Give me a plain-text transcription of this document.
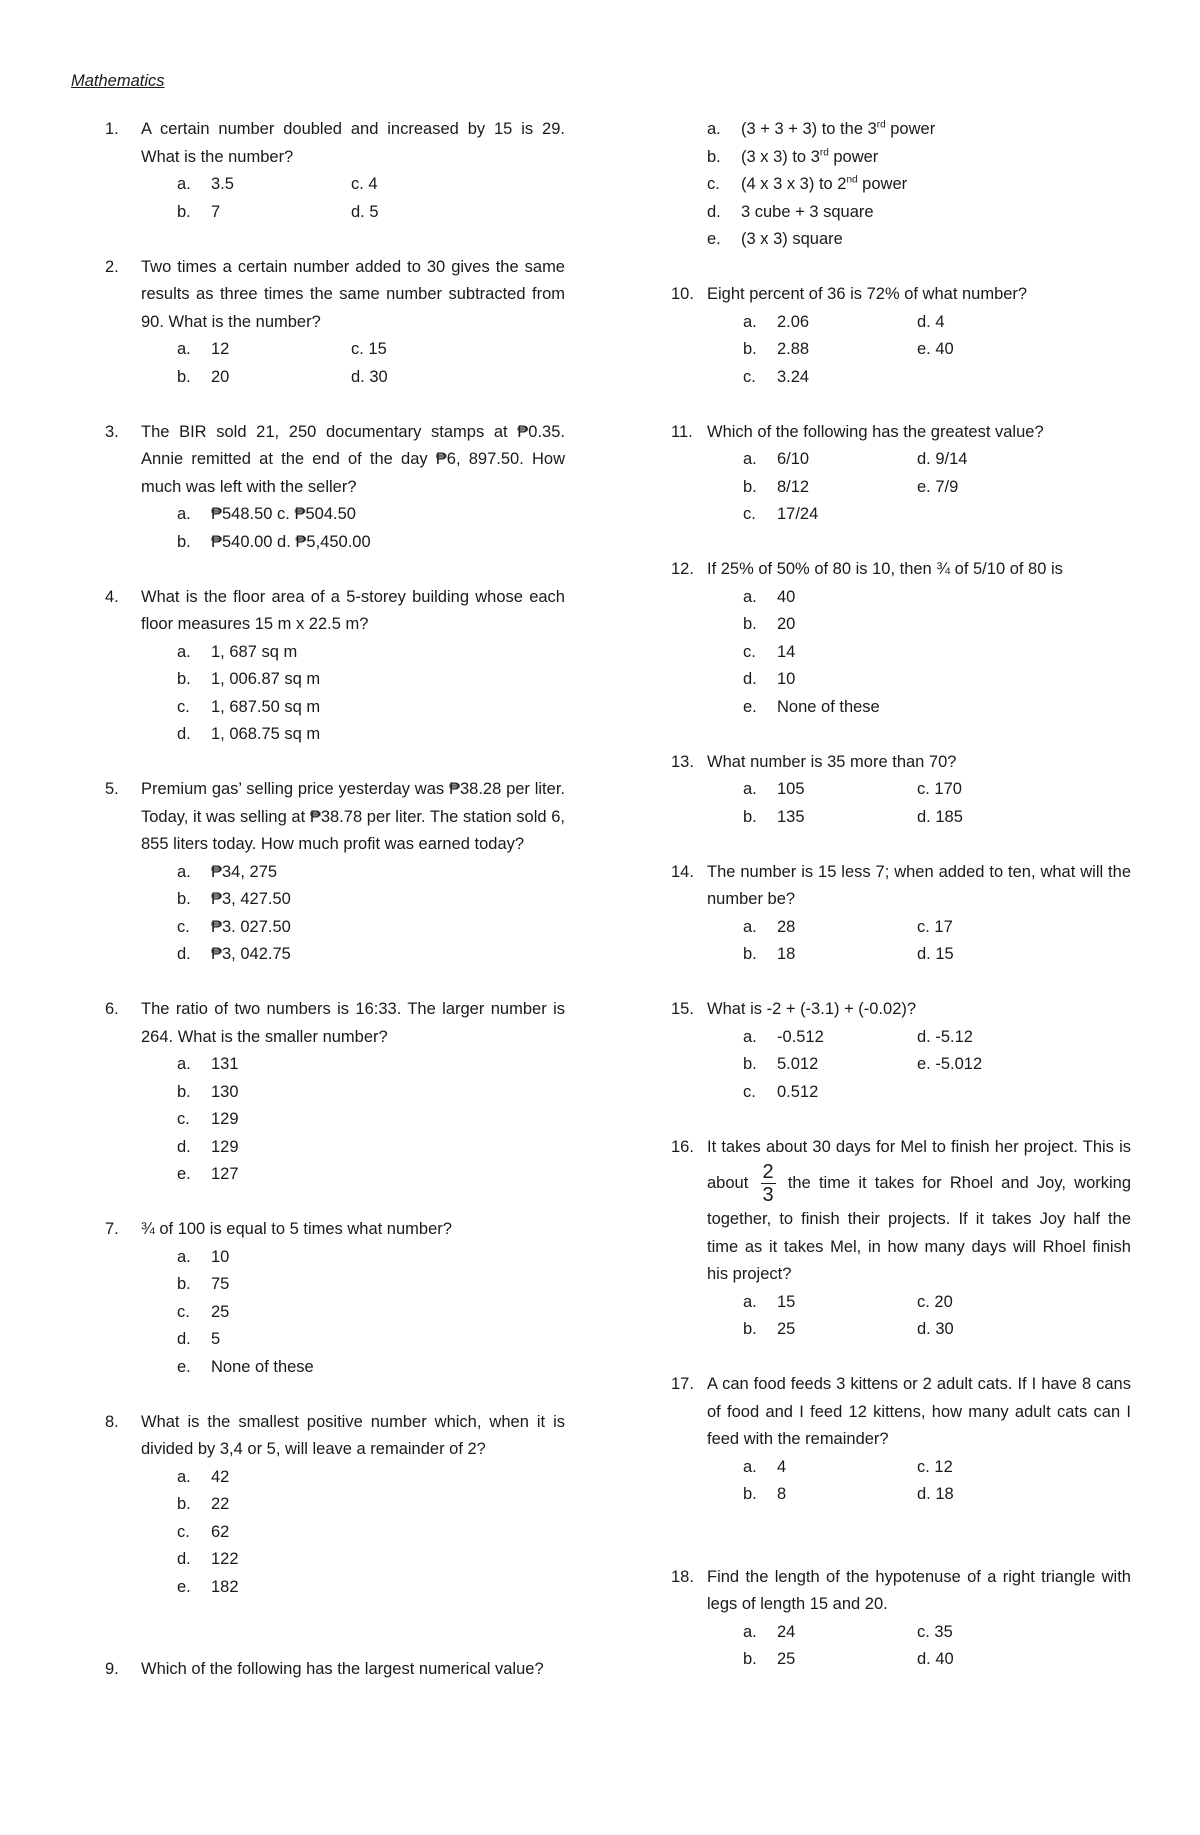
Mathematics
1. A certain number doubled and increased by 15 is 29. What is the number?
a.	3.5	c. 4
b.	7	d. 5
2. Two times a certain number added to 30 gives the same results as three times the same number subtracted from 90. What is the number?
a.	12	c. 15
b.	20	d. 30
3. The BIR sold 21, 250 documentary stamps at ₱0.35. Annie remitted at the end of the day ₱6, 897.50. How much was left with the seller?
a.	₱548.50 c. ₱504.50
b.	₱540.00 d. ₱5,450.00
4. What is the floor area of a 5-storey building whose each floor measures 15 m x 22.5 m?
a.	1, 687 sq m
b.	1, 006.87 sq m
c.	1, 687.50 sq m
d.	1, 068.75 sq m
5. Premium gas’ selling price yesterday was ₱38.28 per liter. Today, it was selling at ₱38.78 per liter. The station sold 6, 855 liters today. How much profit was earned today?
a.	₱34, 275
b.	₱3, 427.50
c.	₱3. 027.50
d.	₱3, 042.75
6. The ratio of two numbers is 16:33. The larger number is 264. What is the smaller number?
a.	131
b.	130
c.	129
d.	129
e.	127
7. ¾ of 100 is equal to 5 times what number?
a.	10
b.	75
c.	25
d.	5
e.	None of these
8. What is the smallest positive number which, when it is divided by 3,4 or 5, will leave a remainder of 2?
a.	42
b.	22
c.	62
d.	122
e.	182
9. Which of the following has the largest numerical value?
a.	(3 + 3 + 3) to the 3rd power
b.	(3 x 3) to 3rd power
c.	(4 x 3 x 3) to 2nd power
d.	3 cube + 3 square
e.	(3 x 3) square
10. Eight percent of 36 is 72% of what number?
a.	2.06	d. 4
b.	2.88	e. 40
c.	3.24
11. Which of the following has the greatest value?
a.	6/10	d. 9/14
b.	8/12	e. 7/9
c.	17/24
12. If 25% of 50% of 80 is 10, then ¾ of 5/10 of 80 is
a.	40
b.	20
c.	14
d.	10
e.	None of these
13. What number is 35 more than 70?
a.	105	c. 170
b.	135	d. 185
14. The number is 15 less 7; when added to ten, what will the number be?
a.	28	c. 17
b.	18	d. 15
15. What is -2 + (-3.1) + (-0.02)?
a.	-0.512	d. -5.12
b.	5.012	e. -5.012
c.	0.512
16. It takes about 30 days for Mel to finish her project. This is about $\frac{2}{3}$ the time it takes for Rhoel and Joy, working together, to finish their projects. If it takes Joy half the time as it takes Mel, in how many days will Rhoel finish his project?
a.	15	c. 20
b.	25	d. 30
17. A can food feeds 3 kittens or 2 adult cats. If I have 8 cans of food and I feed 12 kittens, how many adult cats can I feed with the remainder?
a.	4	c. 12
b.	8	d. 18
18. Find the length of the hypotenuse of a right triangle with legs of length 15 and 20.
a.	24	c. 35
b.	25	d. 40
